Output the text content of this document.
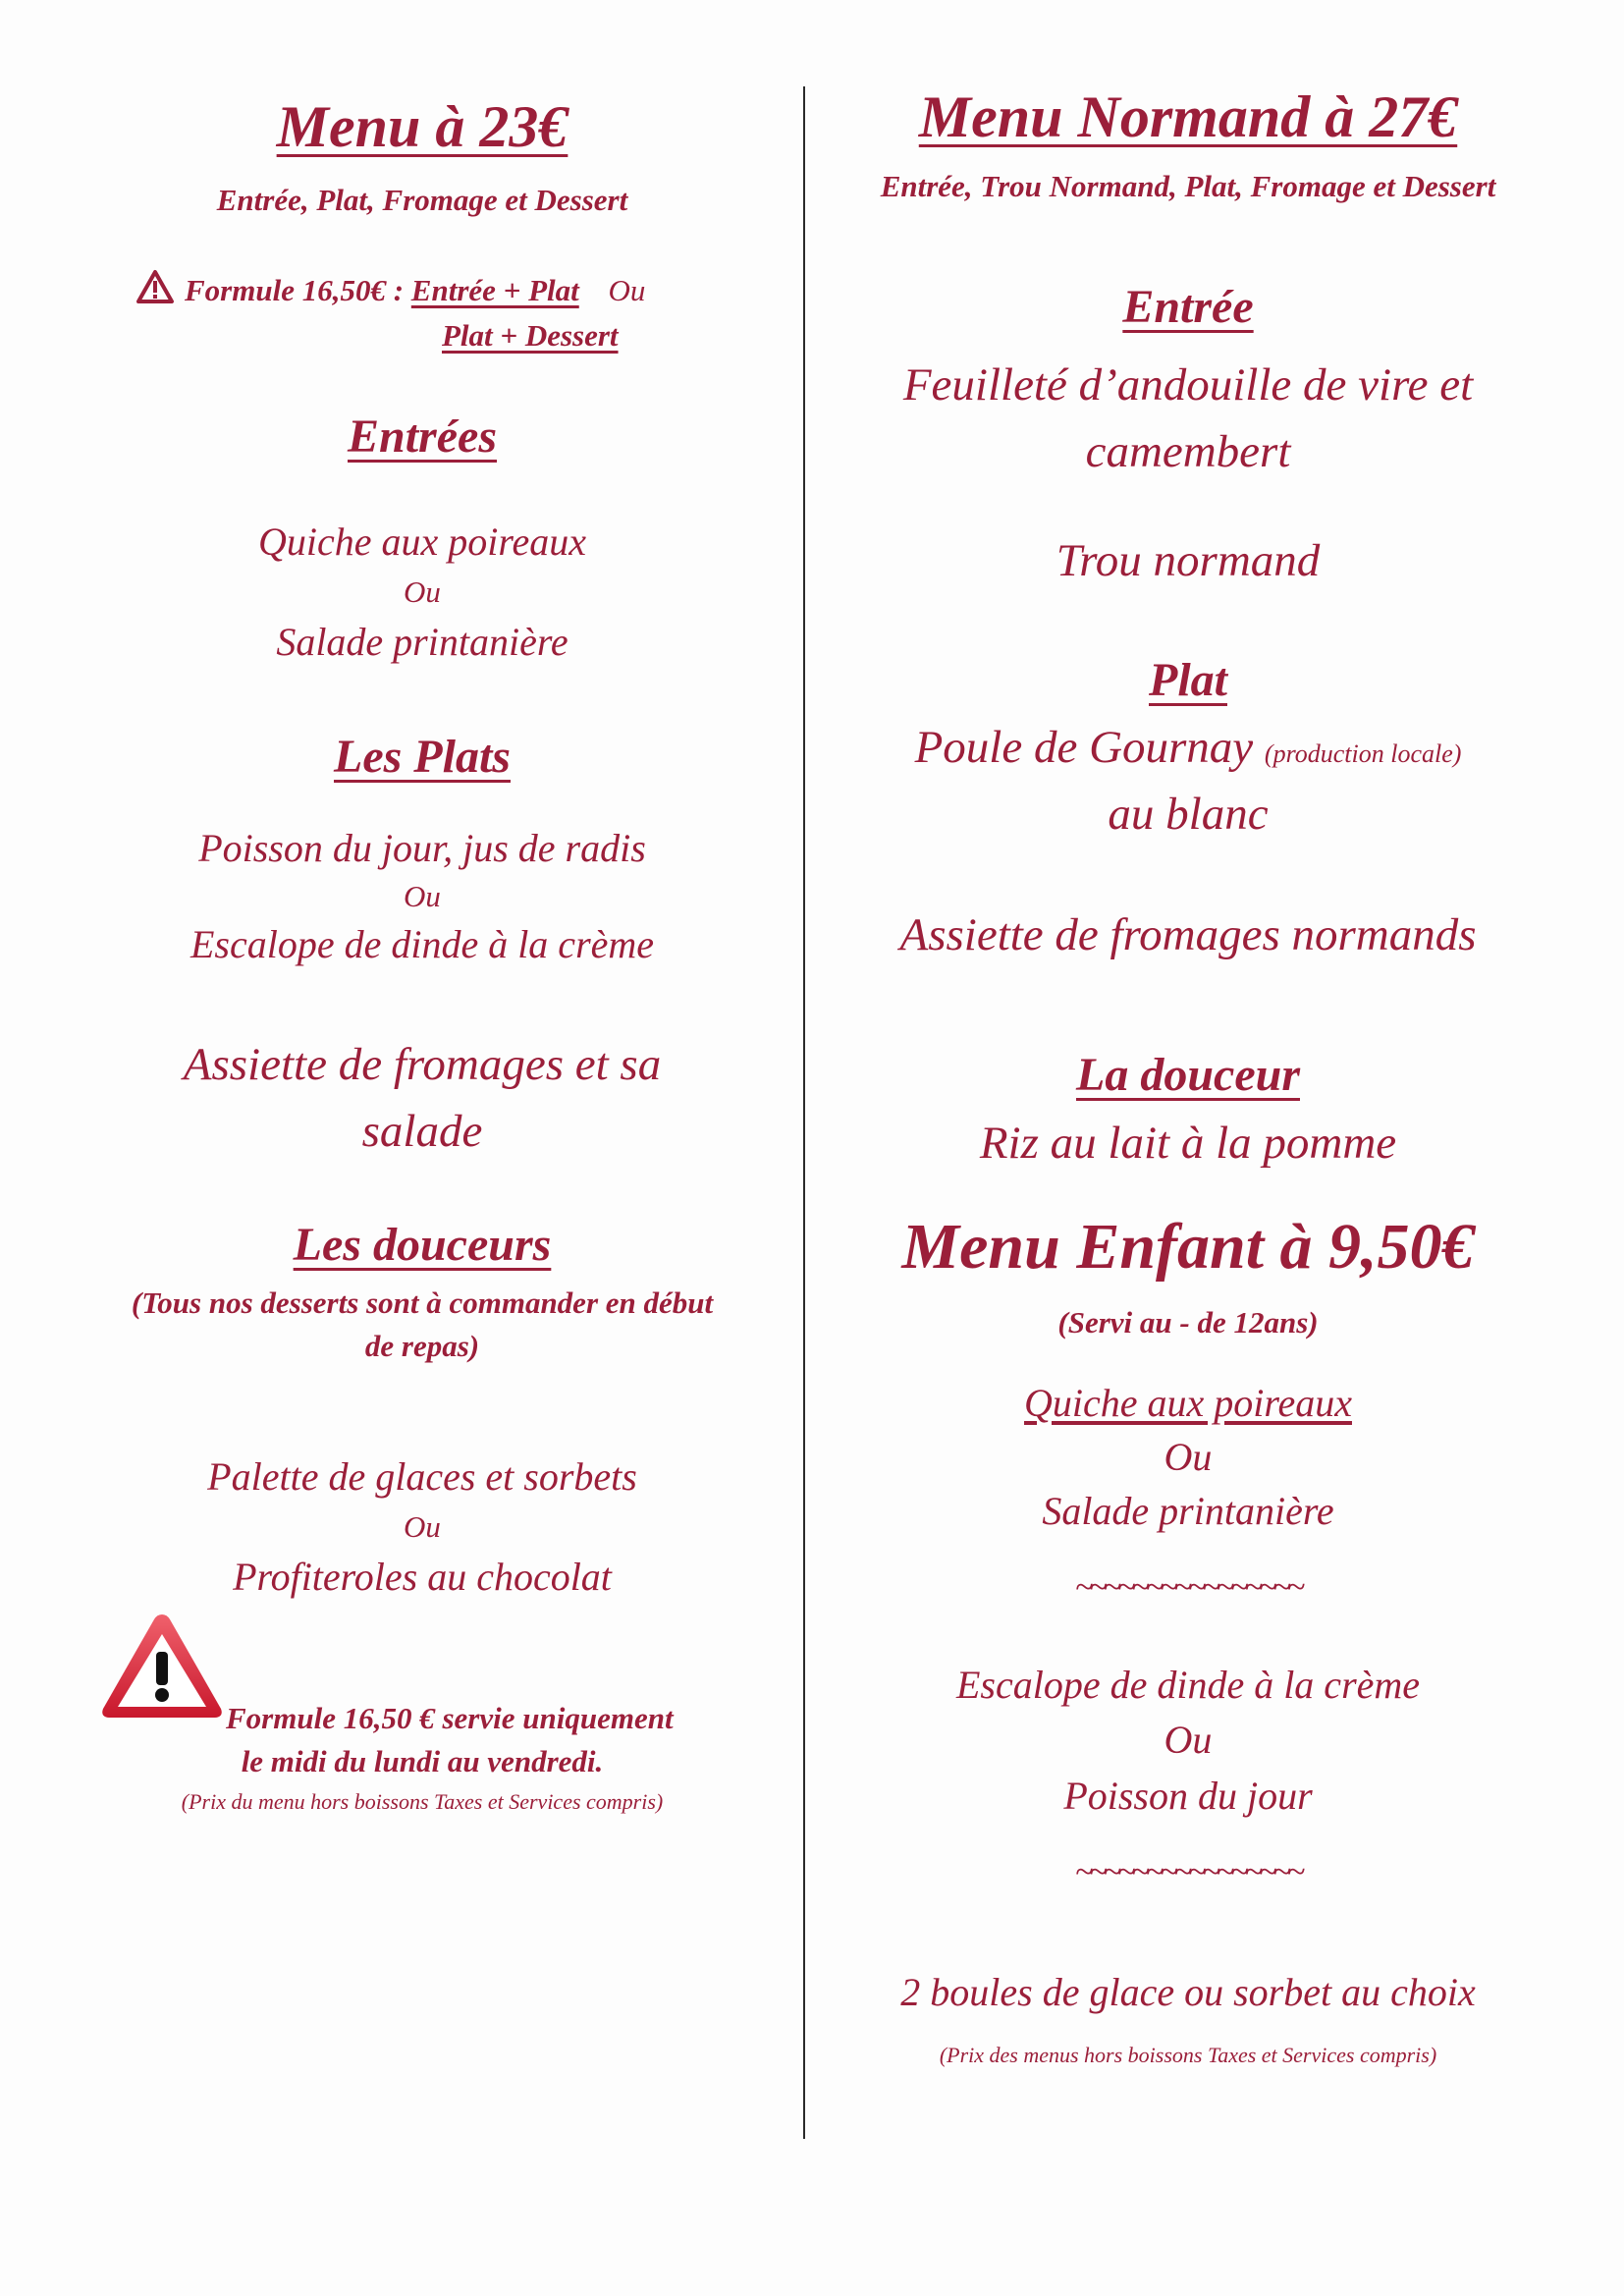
Menu à 23€
Entrée, Plat, Fromage et Dessert
Formule 16,50€ : Entrée + Plat Ou
Plat + Dessert
Entrées
Quiche aux poireaux
Ou
Salade printanière
Les Plats
Poisson du jour, jus de radis
Ou
Escalope de dinde à la crème
Assiette de fromages et sa salade
Les douceurs
(Tous nos desserts sont à commander en début de repas)
Palette de glaces et sorbets
Ou
Profiteroles au chocolat
Formule 16,50 € servie uniquement
le midi du lundi au vendredi.
(Prix du menu hors boissons Taxes et Services compris)
Menu Normand à 27€
Entrée, Trou Normand, Plat, Fromage et Dessert
Entrée
Feuilleté d’andouille de vire et camembert
Trou normand
Plat
Poule de Gournay (production locale)
au blanc
Assiette de fromages normands
La douceur
Riz au lait à la pomme
Menu Enfant à 9,50€
(Servi au - de 12ans)
Quiche aux poireaux
Ou
Salade printanière
~~~~~~~~~~~~~~~~
Escalope de dinde à la crème
Ou
Poisson du jour
~~~~~~~~~~~~~~~~
2 boules de glace ou sorbet au choix
(Prix des menus hors boissons Taxes et Services compris)
